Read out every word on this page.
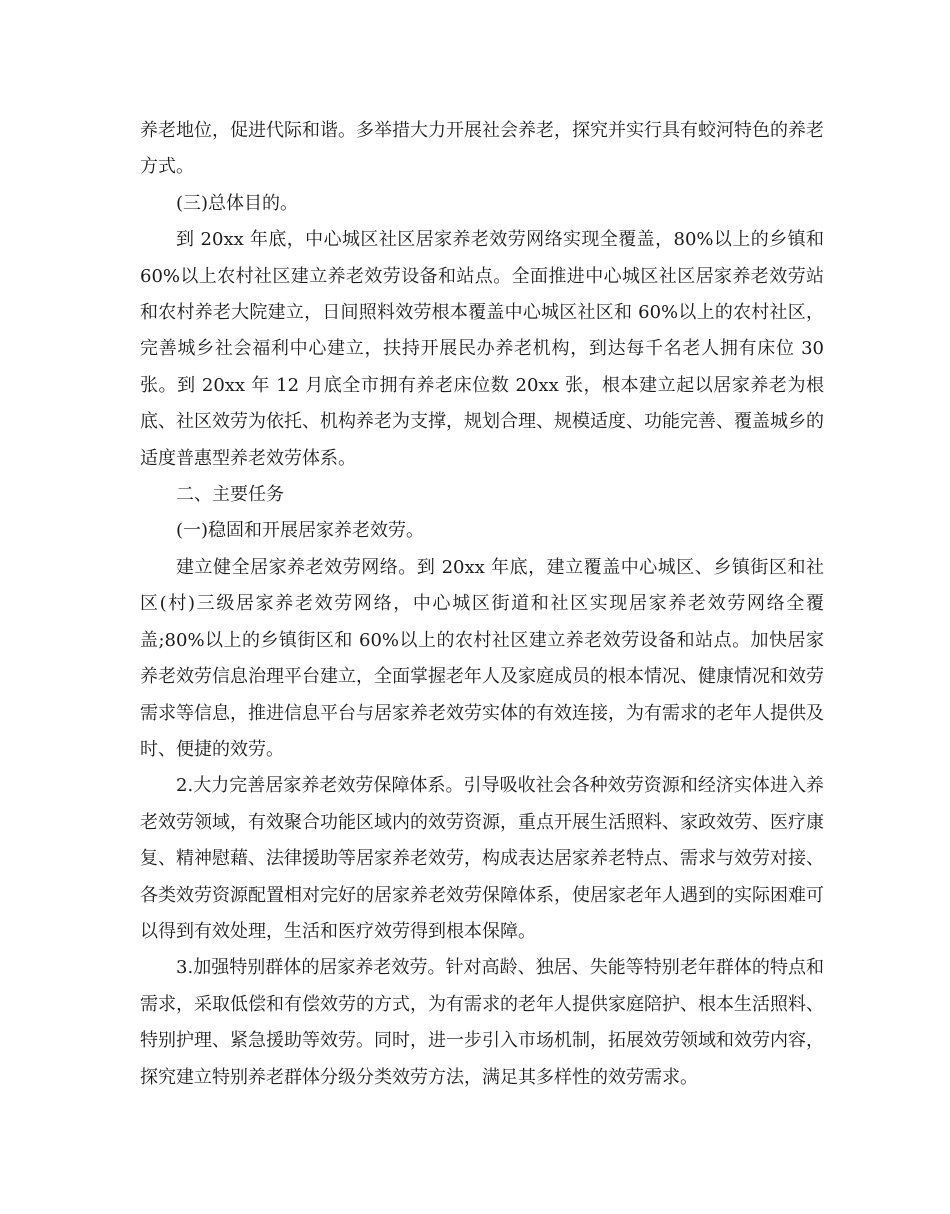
养老地位，促进代际和谐。多举措大力开展社会养老，探究并实行具有蛟河特色的养老方式。

(三)总体目的。

到 20xx 年底，中心城区社区居家养老效劳网络实现全覆盖，80%以上的乡镇和 60%以上农村社区建立养老效劳设备和站点。全面推进中心城区社区居家养老效劳站和农村养老大院建立，日间照料效劳根本覆盖中心城区社区和 60%以上的农村社区，完善城乡社会福利中心建立，扶持开展民办养老机构，到达每千名老人拥有床位 30 张。到 20xx 年 12 月底全市拥有养老床位数 20xx 张，根本建立起以居家养老为根底、社区效劳为依托、机构养老为支撑，规划合理、规模适度、功能完善、覆盖城乡的适度普惠型养老效劳体系。

二、主要任务

(一)稳固和开展居家养老效劳。

建立健全居家养老效劳网络。到 20xx 年底，建立覆盖中心城区、乡镇街区和社区(村)三级居家养老效劳网络，中心城区街道和社区实现居家养老效劳网络全覆盖;80%以上的乡镇街区和 60%以上的农村社区建立养老效劳设备和站点。加快居家养老效劳信息治理平台建立，全面掌握老年人及家庭成员的根本情况、健康情况和效劳需求等信息，推进信息平台与居家养老效劳实体的有效连接，为有需求的老年人提供及时、便捷的效劳。

2.大力完善居家养老效劳保障体系。引导吸收社会各种效劳资源和经济实体进入养老效劳领域，有效聚合功能区域内的效劳资源，重点开展生活照料、家政效劳、医疗康复、精神慰藉、法律援助等居家养老效劳，构成表达居家养老特点、需求与效劳对接、各类效劳资源配置相对完好的居家养老效劳保障体系，使居家老年人遇到的实际困难可以得到有效处理，生活和医疗效劳得到根本保障。

3.加强特别群体的居家养老效劳。针对高龄、独居、失能等特别老年群体的特点和需求，采取低偿和有偿效劳的方式，为有需求的老年人提供家庭陪护、根本生活照料、特别护理、紧急援助等效劳。同时，进一步引入市场机制，拓展效劳领域和效劳内容，探究建立特别养老群体分级分类效劳方法，满足其多样性的效劳需求。
